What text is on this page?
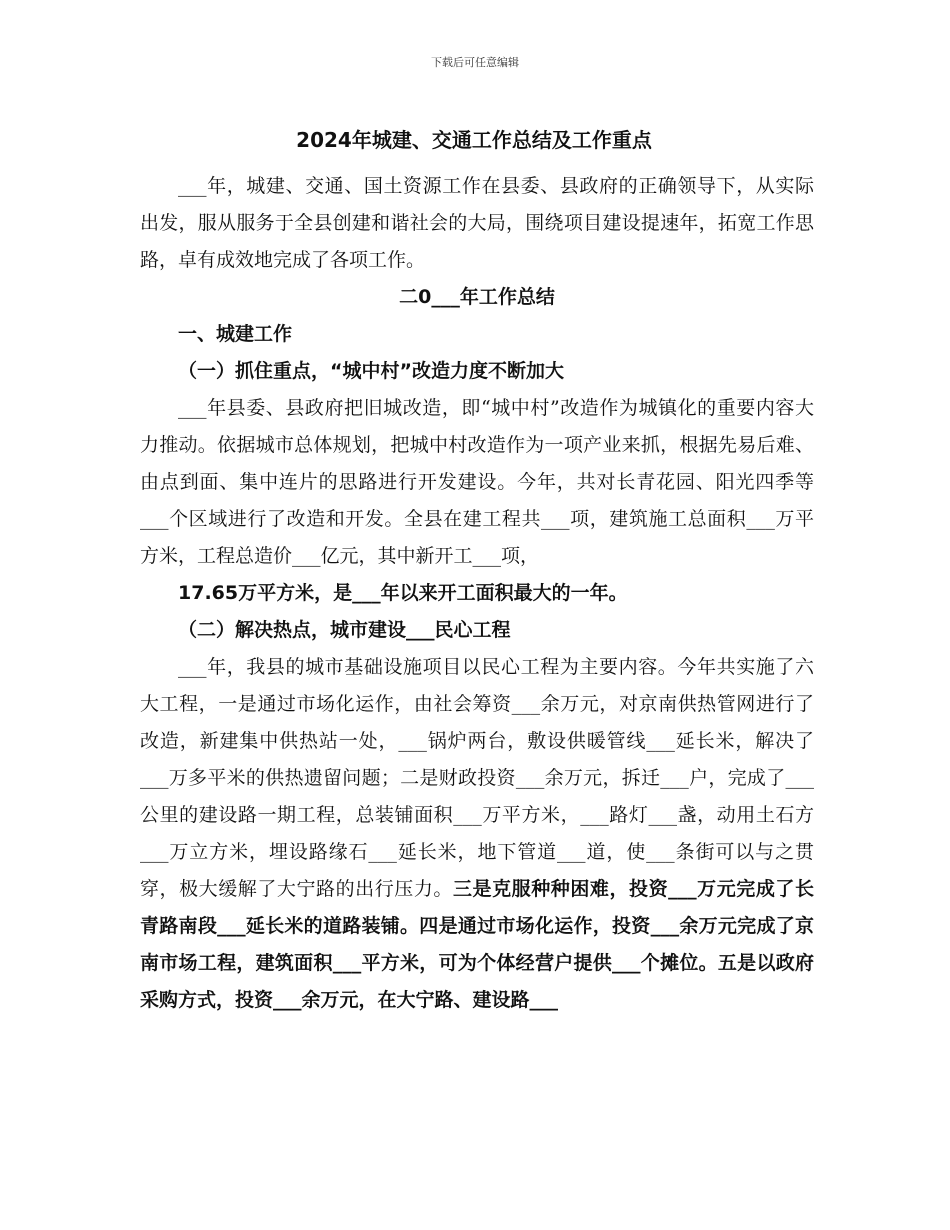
下载后可任意编辑
2024年城建、交通工作总结及工作重点

___年，城建、交通、国土资源工作在县委、县政府的正确领导下，从实际出发，服从服务于全县创建和谐社会的大局，围绕项目建设提速年，拓宽工作思路，卓有成效地完成了各项工作。

二0___年工作总结

一、城建工作

（一）抓住重点，“城中村”改造力度不断加大

___年县委、县政府把旧城改造，即“城中村”改造作为城镇化的重要内容大力推动。依据城市总体规划，把城中村改造作为一项产业来抓，根据先易后难、由点到面、集中连片的思路进行开发建设。今年，共对长青花园、阳光四季等___个区域进行了改造和开发。全县在建工程共___项，建筑施工总面积___万平方米，工程总造价___亿元，其中新开工___项，

17.65万平方米，是___年以来开工面积最大的一年。

（二）解决热点，城市建设___民心工程

___年，我县的城市基础设施项目以民心工程为主要内容。今年共实施了六大工程，一是通过市场化运作，由社会筹资___余万元，对京南供热管网进行了改造，新建集中供热站一处，___锅炉两台，敷设供暖管线___延长米，解决了___万多平米的供热遗留问题；二是财政投资___余万元，拆迁___户，完成了___公里的建设路一期工程，总装铺面积___万平方米，___路灯___盏，动用土石方___万立方米，埋设路缘石___延长米，地下管道___道，使___条街可以与之贯穿，极大缓解了大宁路的出行压力。三是克服种种困难，投资___万元完成了长青路南段___延长米的道路装铺。四是通过市场化运作，投资___余万元完成了京南市场工程，建筑面积___平方米，可为个体经营户提供___个摊位。五是以政府采购方式，投资___余万元，在大宁路、建设路___
